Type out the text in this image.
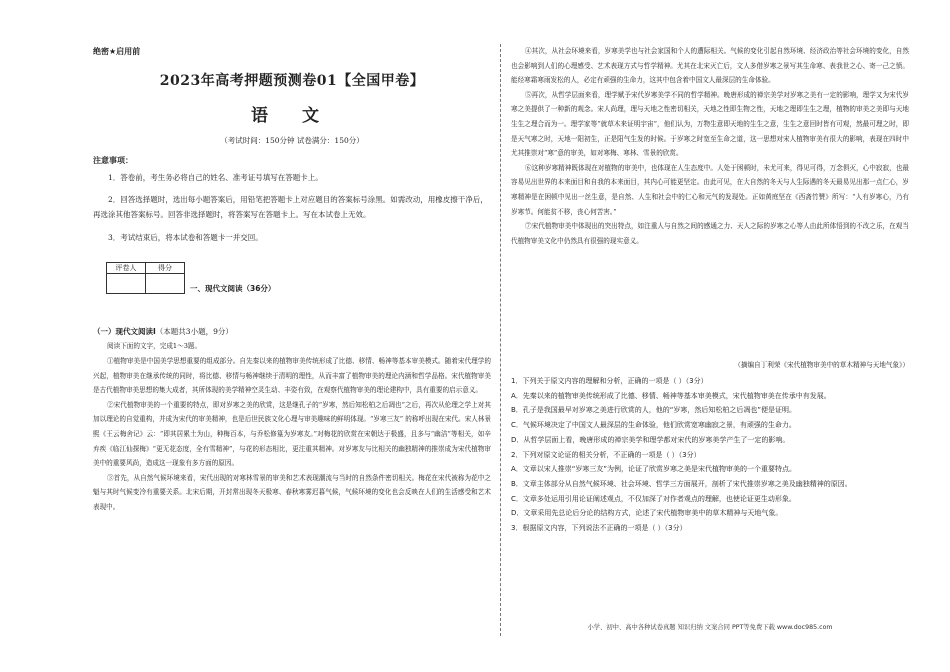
绝密★启用前
2023年高考押题预测卷01【全国甲卷】
语 文
（考试时间：150分钟 试卷满分：150分）
注意事项：

1．答卷前，考生务必将自己的姓名、准考证号填写在答题卡上。

2．回答选择题时，选出每小题答案后，用铅笔把答题卡上对应题目的答案标号涂黑。如需改动，用橡皮擦干净后，再选涂其他答案标号。回答非选择题时，将答案写在答题卡上。写在本试卷上无效。

3．考试结束后，将本试卷和答题卡一并交回。

评卷人	得分

一、现代文阅读（36分）
（一）现代文阅读Ⅰ（本题共3小题，9分）

阅读下面的文字，完成1～3题。

①植物审美是中国美学思想重要的组成部分。自先秦以来的植物审美传统形成了比德、移情、畅神等基本审美模式。随着宋代理学的兴起，植物审美在继承传统的同时，将比德、移情与畅神继续于清明的理性，从而丰富了植物审美的理论内涵和哲学品格。宋代植物审美是古代植物审美思想的集大成者，其所体现的美学精神空灵生动、丰姿有致，在观察代植物审美的理论建构中，具有重要的启示意义。

②宋代植物审美的一个重要的特点，即对岁寒之美的欣赏，这是继孔子的“岁寒，然后知松柏之后凋也”之后，再次从伦理之学上对其加以理论的自觉重构，并成为宋代的审美精神，也是后世民族文化心理与审美趣味的鲜明体现。“岁寒三友” 的称呼出现在宋代。宋人林景熙《王云梅舍记》云：“即其居累土为山，种梅百本，与乔松修篁为岁寒友。”对梅花的欣赏在宋朝达于极盛，且多与“幽洁”等相关，如辛弃疾《临江仙探梅》“更无花态度，全有雪精神”，与花的形态相比，更注重其精神。对岁寒友与比相关的幽独精神的推崇成为宋代植物审美中的重要风尚，造成这一现象有多方面的原因。

③首先，从自然气候环境来看，宋代出现的对寒林雪景的审美和艺术表现潮流与当时的自然条件密切相关。梅花在宋代被称为花中之魁与其时气候变冷有重要关系。北宋后期，开封常出现冬天极寒、春秋寒雾迟暮气候，气候环境的变化也会反映在人们的生活感受和艺术表现中。

④其次，从社会环境来看，岁寒美学也与社会家国和个人的遭际相关。气候的变化引起自然环境、经济政治等社会环境的变化，自然也会影响到人们的心理感受、艺术表现方式与哲学精神。尤其在北宋灭亡后，文人多借岁寒之景写其生命寒、表我世之心、寄一己之愤。能经寒霜寒雨发松的人，必定有顽强的生命力，这其中包含着中国文人最深层的生命体验。

⑤再次，从哲学层面来看，理学赋予宋代岁寒美学不同的哲学精神。晚唐形成的禅宗美学对岁寒之美有一定的影响，理学又为宋代岁寒之美提供了一种新的观念。宋人尚理，理与天地之性密切相关，天地之性即生物之性，天地之理即生生之理，植物的审美之美即与天地生生之理合而为一。理学家等“就草木来证明宇宙”，他们认为，万物生意即天地的生生之意，生生之意回时皆有可观，然最可理之时，即是天气寒之时，天地一阳初生，正是阳气生发的时候。于岁寒之时宽至生命之道，这一思想对宋人植物审美有很大的影响，表现在四时中尤其推崇对“寒”意的审美，如对寒梅、寒林、雪景的欣赏。

⑥这种岁寒精神既体现在对植物的审美中，也体现在人生态度中。人处于困顿时，未尤可来，得见可得，万念俱灭，心中寂寂，也最容易见出世界的本来面目和自我的本来面目，其内心可能更坚定。由此可见，在大自然的冬天与人生际遇的冬天最易见出那一点仁心，岁寒精神是在困顿中见出一丝生意，是自然、人生和社会中的仁心和元气的发现处。正如黄庭坚在《西斋竹赞》所写：“人有岁寒心，乃有岁寒节。何能贫不移，丧心何苦害。”

⑦宋代植物审美中体现出的突出特点，如注重人与自然之间的感通之力、天人之际的岁寒之心等人由此所体悟到的不改之乐，在观当代植物审美文化中仍然具有很强的现实意义。

（摘编自丁利荣《宋代植物审美中的草木精神与天地气象》）

1．下列关于原文内容的理解和分析，正确的一项是（ ）（3分）

A．先秦以来的植物审美传统形成了比德、移情、畅神等基本审美模式，宋代植物审美在传承中有发展。

B．孔子是我国最早对岁寒之美进行欣赏的人，他的“岁寒，然后知松柏之后凋也”便是证明。

C．气候环境决定了中国文人最深层的生命体验，他们欣赏宽寒幽寂之景，有顽强的生命力。

D．从哲学层面上看，晚唐形成的禅宗美学和理学都对宋代的岁寒美学产生了一定的影响。

2．下列对原文论证的相关分析，不正确的一项是（ ）（3分）

A．文章以宋人推崇“岁寒三友”为例，论证了欣赏岁寒之美是宋代植物审美的一个重要特点。

B．文章主体部分从自然气候环境、社会环境、哲学三方面展开，剖析了宋代推崇岁寒之美及幽独精神的原因。

C．文章多处运用引用论证阐述观点，不仅加深了对作者观点的理解，也使论证更生动形象。

D．文章采用先总论后分论的结构方式，论述了宋代植物审美中的草木精神与天地气象。

3．根据原文内容，下列说法不正确的一项是（ ）（3分）

小学、初中、高中各种试卷真题 知识归纳 文案合同 PPT等免费下载 www.doc985.com
